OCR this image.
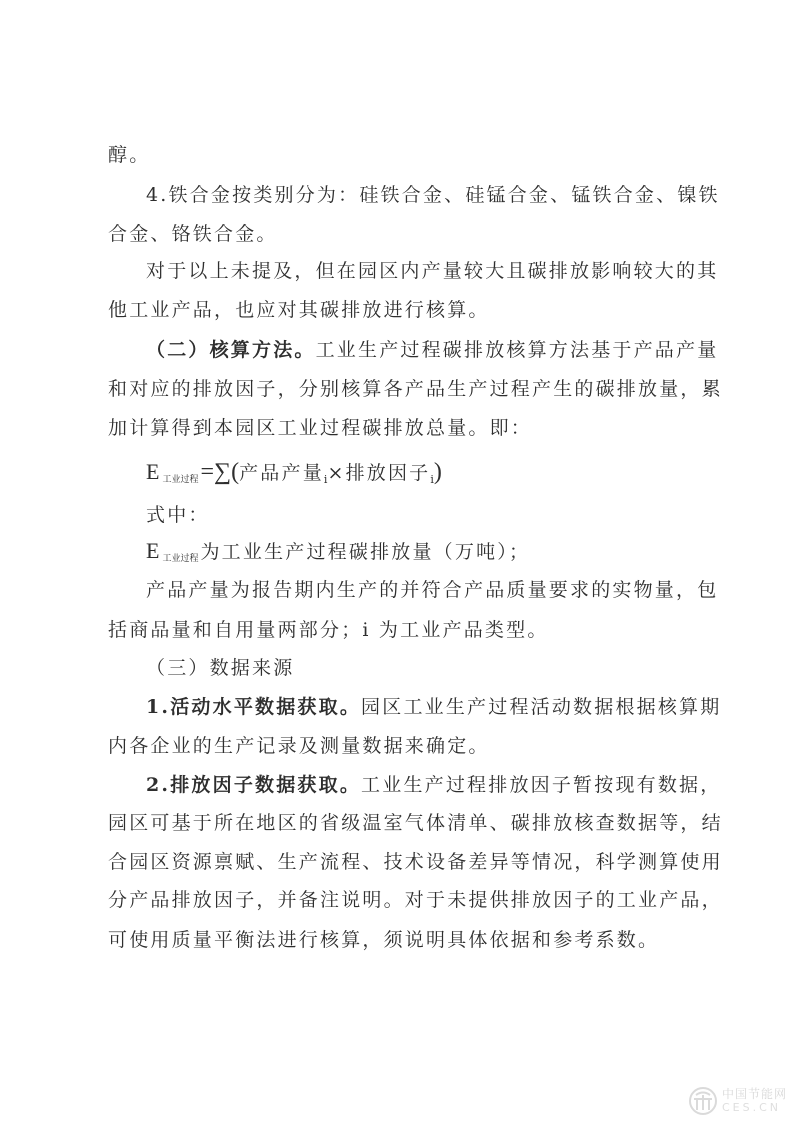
醇。
4.铁合金按类别分为：硅铁合金、硅锰合金、锰铁合金、镍铁
合金、铬铁合金。
对于以上未提及，但在园区内产量较大且碳排放影响较大的其
他工业产品，也应对其碳排放进行核算。
（二）核算方法。工业生产过程碳排放核算方法基于产品产量
和对应的排放因子，分别核算各产品生产过程产生的碳排放量，累
加计算得到本园区工业过程碳排放总量。即：
E $_{工业过程}$=∑(产品产量$_i$×排放因子$_i$)
式中：
E $_{工业过程}$ 为工业生产过程碳排放量（万吨）；
产品产量为报告期内生产的并符合产品质量要求的实物量，包
括商品量和自用量两部分；i 为工业产品类型。
（三）数据来源
1.活动水平数据获取。园区工业生产过程活动数据根据核算期
内各企业的生产记录及测量数据来确定。
2.排放因子数据获取。工业生产过程排放因子暂按现有数据，
园区可基于所在地区的省级温室气体清单、碳排放核查数据等，结
合园区资源禀赋、生产流程、技术设备差异等情况，科学测算使用
分产品排放因子，并备注说明。对于未提供排放因子的工业产品，
可使用质量平衡法进行核算，须说明具体依据和参考系数。
中国节能网
CES.CN
